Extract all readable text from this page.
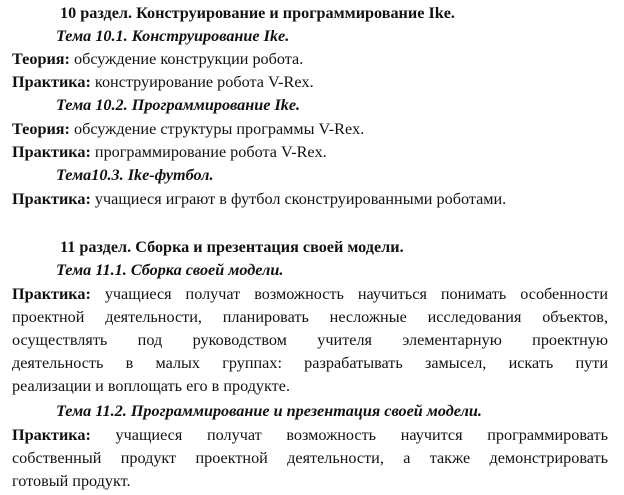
10 раздел. Конструирование и программирование Ike.
Тема 10.1. Конструирование Ike.
Теория: обсуждение конструкции робота.
Практика: конструирование робота V-Rex.
Тема 10.2. Программирование Ike.
Теория: обсуждение структуры программы V-Rex.
Практика: программирование робота V-Rex.
Тема10.3. Ike-футбол.
Практика: учащиеся играют в футбол сконструированными роботами.
11 раздел. Сборка и презентация своей модели.
Тема 11.1. Сборка своей модели.
Практика: учащиеся получат возможность научиться понимать особенности
проектной деятельности, планировать несложные исследования объектов,
осуществлять под руководством учителя элементарную проектную
деятельность в малых группах: разрабатывать замысел, искать пути
реализации и воплощать его в продукте.
Тема 11.2. Программирование и презентация своей модели.
Практика: учащиеся получат возможность научится программировать
собственный продукт проектной деятельности, а также демонстрировать
готовый продукт.
